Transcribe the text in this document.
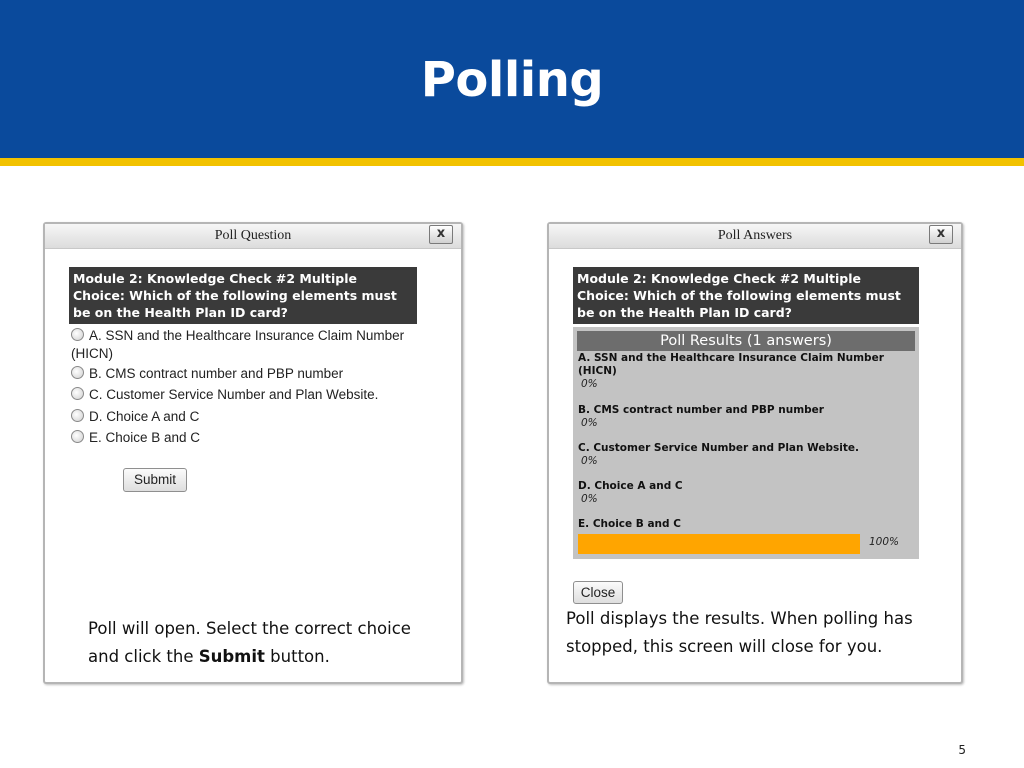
Polling
Poll Question	x
Module 2: Knowledge Check #2 Multiple Choice: Which of the following elements must be on the Health Plan ID card?
A. SSN and the Healthcare Insurance Claim Number (HICN)
B. CMS contract number and PBP number
C. Customer Service Number and Plan Website.
D. Choice A and C
E. Choice B and C
Submit
Poll will open. Select the correct choice and click the Submit button.
Poll Answers	x
Module 2: Knowledge Check #2 Multiple Choice: Which of the following elements must be on the Health Plan ID card?
Poll Results (1 answers)
A. SSN and the Healthcare Insurance Claim Number (HICN)
0%
B. CMS contract number and PBP number
0%
C. Customer Service Number and Plan Website.
0%
D. Choice A and C
0%
E. Choice B and C
100%
Close
Poll displays the results. When polling has stopped, this screen will close for you.
5
